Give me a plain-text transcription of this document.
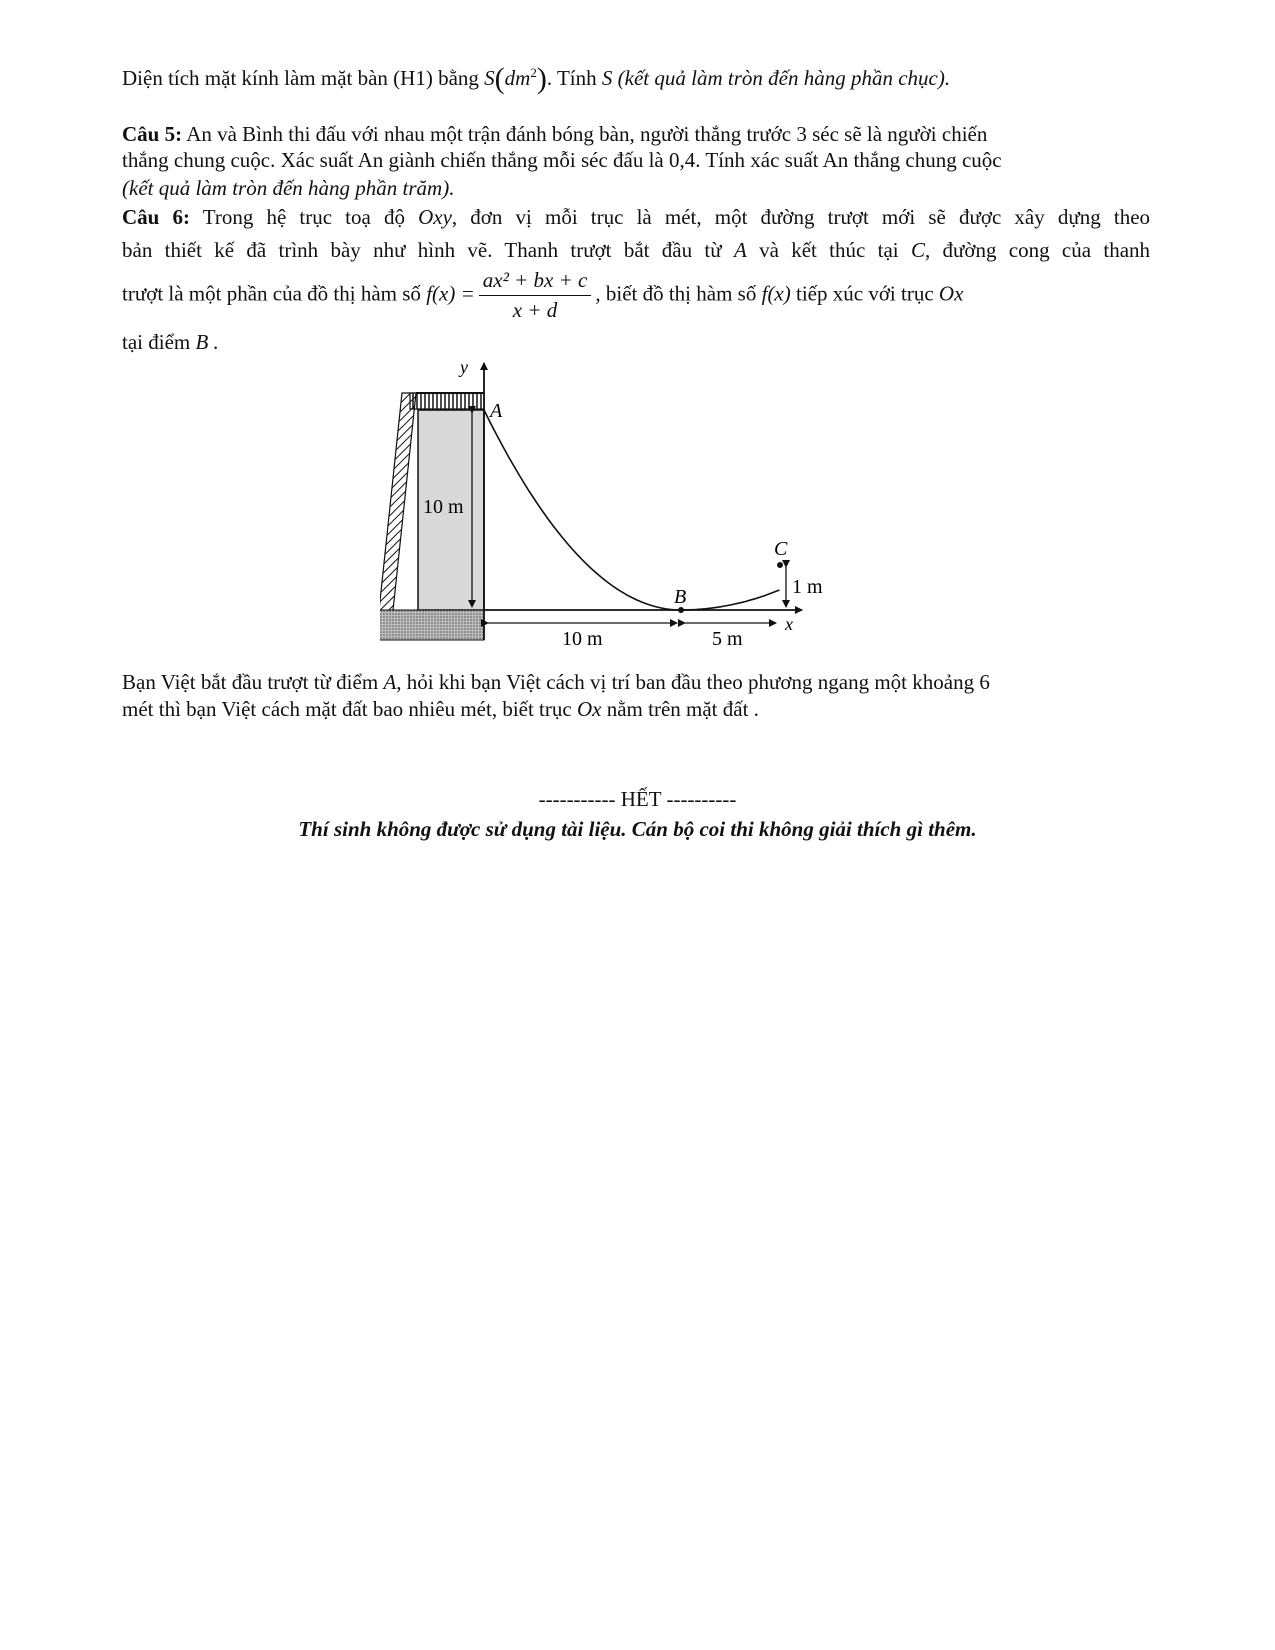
Diện tích mặt kính làm mặt bàn (H1) bằng $S(dm^2)$. Tính S (kết quả làm tròn đến hàng phần chục).
Câu 5: An và Bình thi đấu với nhau một trận đánh bóng bàn, người thắng trước 3 séc sẽ là người chiến
thắng chung cuộc. Xác suất An giành chiến thắng mỗi séc đấu là 0,4. Tính xác suất An thắng chung cuộc
(kết quả làm tròn đến hàng phần trăm).
Câu 6: Trong hệ trục toạ độ Oxy, đơn vị mỗi trục là mét, một đường trượt mới sẽ được xây dựng theo
bản thiết kế đã trình bày như hình vẽ. Thanh trượt bắt đầu từ A và kết thúc tại C, đường cong của thanh
trượt là một phần của đồ thị hàm số $f(x) = \frac{\text{ax² + bx + c}}{x + d}$ , biết đồ thị hàm số f(x) tiếp xúc với trục Ox
tại điểm B .
y
x
10 m
A
B
C
1 m
10 m	5 m
Bạn Việt bắt đầu trượt từ điểm A, hỏi khi bạn Việt cách vị trí ban đầu theo phương ngang một khoảng 6
mét thì bạn Việt cách mặt đất bao nhiêu mét, biết trục Ox nằm trên mặt đất .
----------- HẾT ----------
Thí sinh không được sử dụng tài liệu. Cán bộ coi thi không giải thích gì thêm.
